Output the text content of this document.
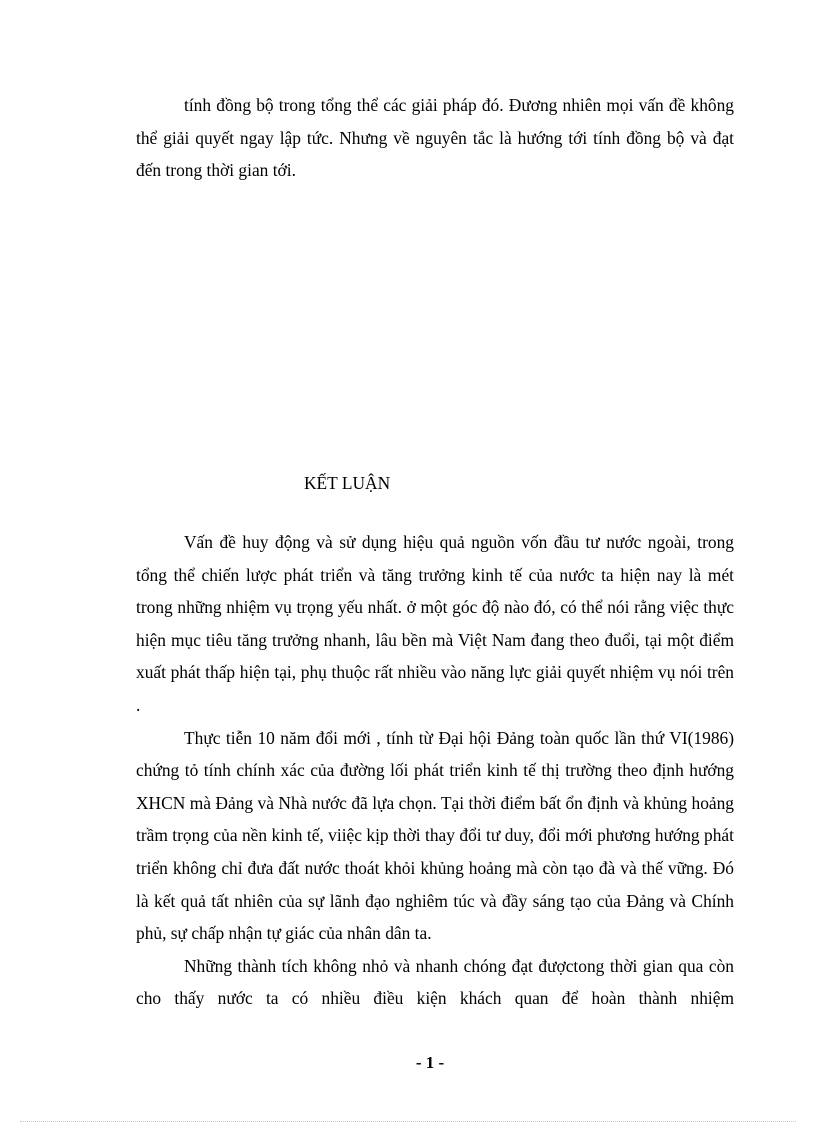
tính đồng bộ trong tổng thể các giải pháp đó. Đương nhiên mọi vấn đề không thể giải quyết ngay lập tức. Nhưng về nguyên tắc là hướng tới tính đồng bộ và đạt đến trong thời gian tới.

KẾT LUẬN

Vấn đề huy động và sử dụng hiệu quả nguồn vốn đầu tư nước ngoài, trong tổng thể chiến lược phát triển và tăng trưởng kinh tế của nước ta hiện nay là mét trong những nhiệm vụ trọng yếu nhất. ở một góc độ nào đó, có thể nói rằng việc thực hiện mục tiêu tăng trưởng nhanh, lâu bền mà Việt Nam đang theo đuổi, tại một điểm xuất phát thấp hiện tại, phụ thuộc rất nhiều vào năng lực giải quyết nhiệm vụ nói trên .

Thực tiễn 10 năm đổi mới , tính từ Đại hội Đảng toàn quốc lần thứ VI(1986) chứng tỏ tính chính xác của đường lối phát triển kinh tế thị trường theo định hướng XHCN mà Đảng và Nhà nước đã lựa chọn. Tại thời điểm bất ổn định và khủng hoảng trầm trọng của nền kinh tế, viiệc kịp thời thay đổi tư duy, đổi mới phương hướng phát triển không chỉ đưa đất nước thoát khỏi khủng hoảng mà còn tạo đà và thế vững. Đó là kết quả tất nhiên của sự lãnh đạo nghiêm túc và đầy sáng tạo của Đảng và Chính phủ, sự chấp nhận tự giác của nhân dân ta.

Những thành tích không nhỏ và nhanh chóng đạt đượctong thời gian qua còn cho thấy nước ta có nhiều điều kiện khách quan để hoàn thành nhiệm

- 1 -
